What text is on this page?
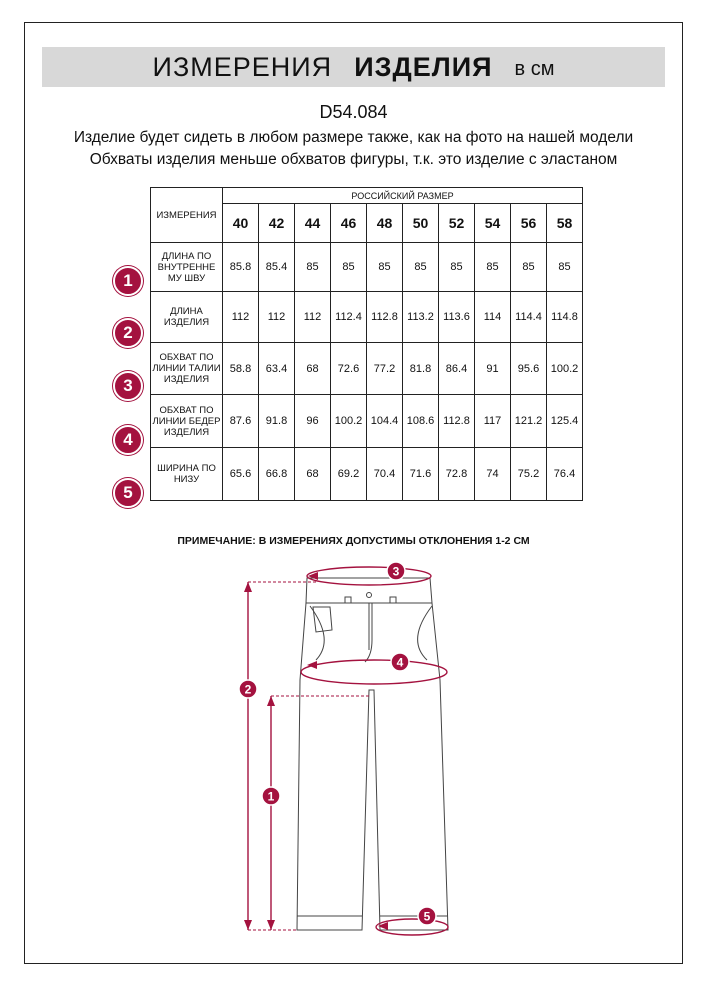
ИЗМЕРЕНИЯ ИЗДЕЛИЯ в см
D54.084
Изделие будет сидеть в любом размере также, как на фото на нашей модели
Обхваты изделия меньше обхватов фигуры, т.к. это изделие с эластаном
ИЗМЕРЕНИЯ	РОССИЙСКИЙ РАЗМЕР									
	40	42	44	46	48	50	52	54	56	58
ДЛИНА ПО ВНУТРЕННЕ МУ ШВУ	85.8	85.4	85	85	85	85	85	85	85	85
ДЛИНА ИЗДЕЛИЯ	112	112	112	112.4	112.8	113.2	113.6	114	114.4	114.8
ОБХВАТ ПО ЛИНИИ ТАЛИИ ИЗДЕЛИЯ	58.8	63.4	68	72.6	77.2	81.8	86.4	91	95.6	100.2
ОБХВАТ ПО ЛИНИИ БЕДЕР ИЗДЕЛИЯ	87.6	91.8	96	100.2	104.4	108.6	112.8	117	121.2	125.4
ШИРИНА ПО НИЗУ	65.6	66.8	68	69.2	70.4	71.6	72.8	74	75.2	76.4
1
2
3
4
5
ПРИМЕЧАНИЕ: В ИЗМЕРЕНИЯХ ДОПУСТИМЫ ОТКЛОНЕНИЯ 1-2 СМ
3
4
2
1
5
